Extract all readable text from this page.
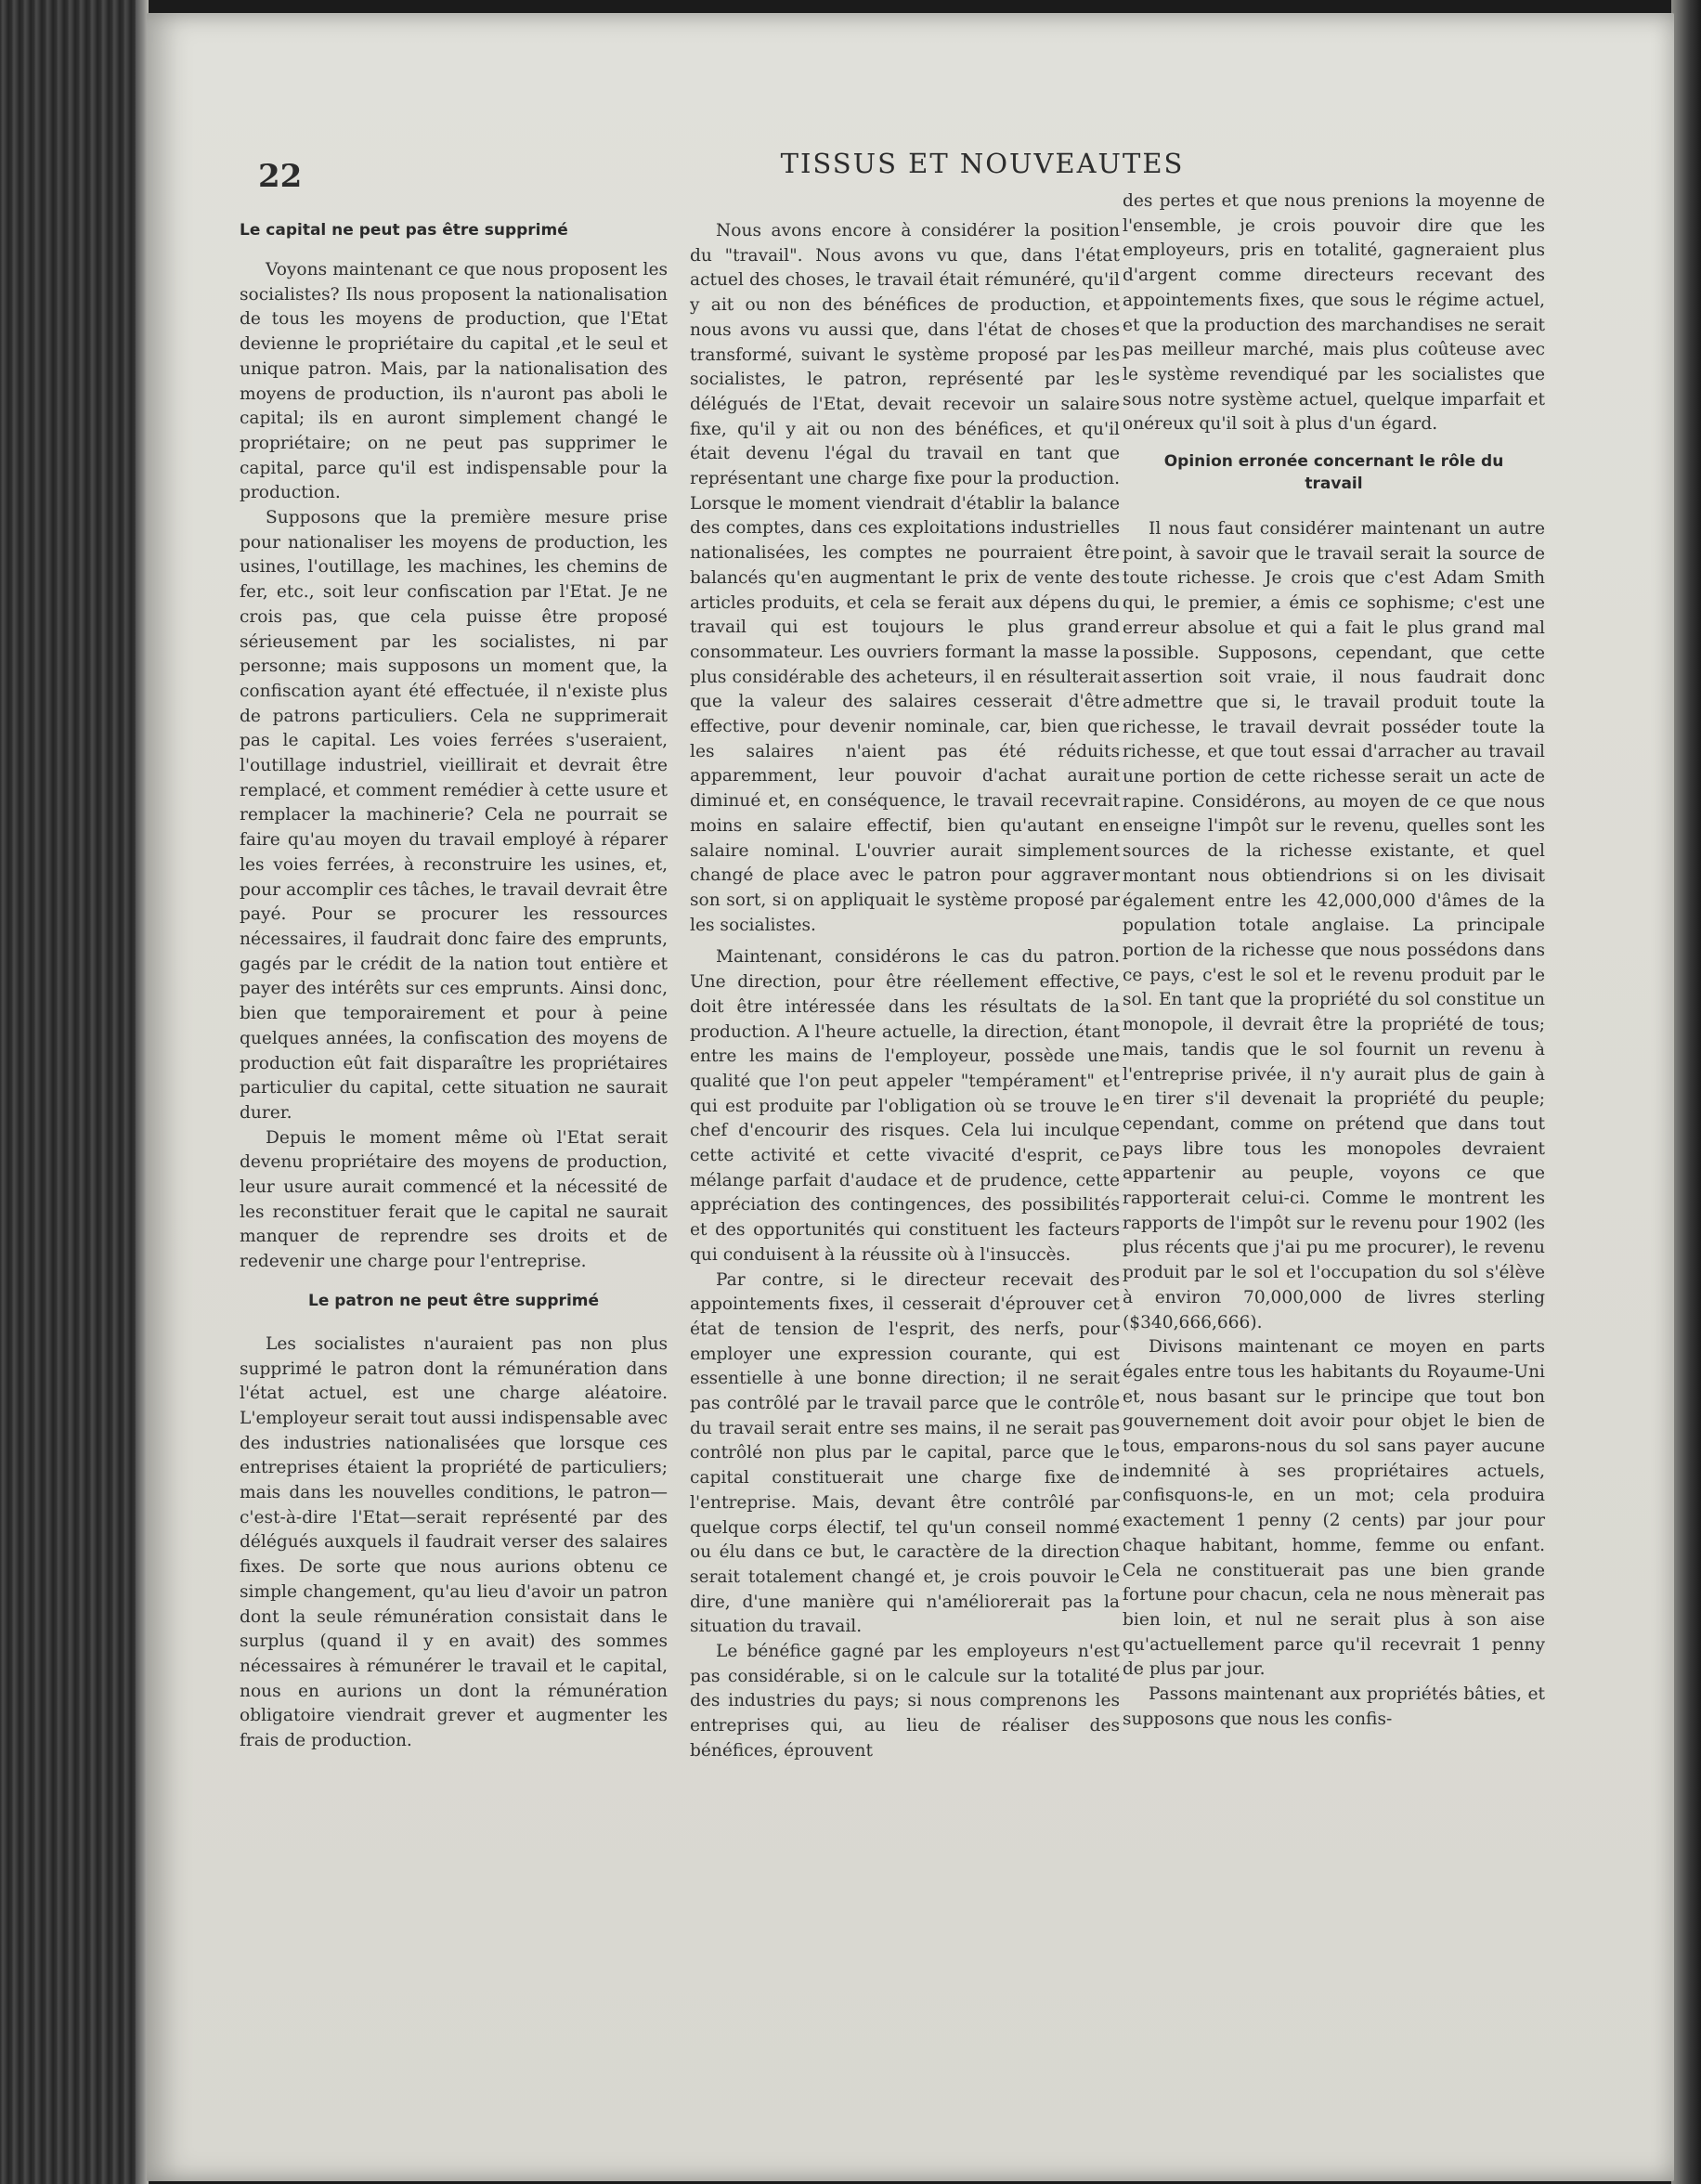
22	TISSUS ET NOUVEAUTES
Le capital ne peut pas être supprimé

Voyons maintenant ce que nous proposent les socialistes? Ils nous proposent la nationalisation de tous les moyens de production, que l'Etat devienne le propriétaire du capital ,et le seul et unique patron. Mais, par la nationalisation des moyens de production, ils n'auront pas aboli le capital; ils en auront simplement changé le propriétaire; on ne peut pas supprimer le capital, parce qu'il est indispensable pour la production.

Supposons que la première mesure prise pour nationaliser les moyens de production, les usines, l'outillage, les machines, les chemins de fer, etc., soit leur confiscation par l'Etat. Je ne crois pas, que cela puisse être proposé sérieusement par les socialistes, ni par personne; mais supposons un moment que, la confiscation ayant été effectuée, il n'existe plus de patrons particuliers. Cela ne supprimerait pas le capital. Les voies ferrées s'useraient, l'outillage industriel, vieillirait et devrait être remplacé, et comment remédier à cette usure et remplacer la machinerie? Cela ne pourrait se faire qu'au moyen du travail employé à réparer les voies ferrées, à reconstruire les usines, et, pour accomplir ces tâches, le travail devrait être payé. Pour se procurer les ressources nécessaires, il faudrait donc faire des emprunts, gagés par le crédit de la nation tout entière et payer des intérêts sur ces emprunts. Ainsi donc, bien que temporairement et pour à peine quelques années, la confiscation des moyens de production eût fait disparaître les propriétaires particulier du capital, cette situation ne saurait durer.

Depuis le moment même où l'Etat serait devenu propriétaire des moyens de production, leur usure aurait commencé et la nécessité de les reconstituer ferait que le capital ne saurait manquer de reprendre ses droits et de redevenir une charge pour l'entreprise.

Le patron ne peut être supprimé

Les socialistes n'auraient pas non plus supprimé le patron dont la rémunération dans l'état actuel, est une charge aléatoire. L'employeur serait tout aussi indispensable avec des industries nationalisées que lorsque ces entreprises étaient la propriété de particuliers; mais dans les nouvelles conditions, le patron—c'est-à-dire l'Etat—serait représenté par des délégués auxquels il faudrait verser des salaires fixes. De sorte que nous aurions obtenu ce simple changement, qu'au lieu d'avoir un patron dont la seule rémunération consistait dans le surplus (quand il y en avait) des sommes nécessaires à rémunérer le travail et le capital, nous en aurions un dont la rémunération obligatoire viendrait grever et augmenter les frais de production.

Nous avons encore à considérer la position du "travail". Nous avons vu que, dans l'état actuel des choses, le travail était rémunéré, qu'il y ait ou non des bénéfices de production, et nous avons vu aussi que, dans l'état de choses transformé, suivant le système proposé par les socialistes, le patron, représenté par les délégués de l'Etat, devait recevoir un salaire fixe, qu'il y ait ou non des bénéfices, et qu'il était devenu l'égal du travail en tant que représentant une charge fixe pour la production. Lorsque le moment viendrait d'établir la balance des comptes, dans ces exploitations industrielles nationalisées, les comptes ne pourraient être balancés qu'en augmentant le prix de vente des articles produits, et cela se ferait aux dépens du travail qui est toujours le plus grand consommateur. Les ouvriers formant la masse la plus considérable des acheteurs, il en résulterait que la valeur des salaires cesserait d'être effective, pour devenir nominale, car, bien que les salaires n'aient pas été réduits apparemment, leur pouvoir d'achat aurait diminué et, en conséquence, le travail recevrait moins en salaire effectif, bien qu'autant en salaire nominal. L'ouvrier aurait simplement changé de place avec le patron pour aggraver son sort, si on appliquait le système proposé par les socialistes.

Maintenant, considérons le cas du patron. Une direction, pour être réellement effective, doit être intéressée dans les résultats de la production. A l'heure actuelle, la direction, étant entre les mains de l'employeur, possède une qualité que l'on peut appeler "tempérament" et qui est produite par l'obligation où se trouve le chef d'encourir des risques. Cela lui inculque cette activité et cette vivacité d'esprit, ce mélange parfait d'audace et de prudence, cette appréciation des contingences, des possibilités et des opportunités qui constituent les facteurs qui conduisent à la réussite où à l'insuccès.

Par contre, si le directeur recevait des appointements fixes, il cesserait d'éprouver cet état de tension de l'esprit, des nerfs, pour employer une expression courante, qui est essentielle à une bonne direction; il ne serait pas contrôlé par le travail parce que le contrôle du travail serait entre ses mains, il ne serait pas contrôlé non plus par le capital, parce que le capital constituerait une charge fixe de l'entreprise. Mais, devant être contrôlé par quelque corps électif, tel qu'un conseil nommé ou élu dans ce but, le caractère de la direction serait totalement changé et, je crois pouvoir le dire, d'une manière qui n'améliorerait pas la situation du travail.

Le bénéfice gagné par les employeurs n'est pas considérable, si on le calcule sur la totalité des industries du pays; si nous comprenons les entreprises qui, au lieu de réaliser des bénéfices, éprouvent

des pertes et que nous prenions la moyenne de l'ensemble, je crois pouvoir dire que les employeurs, pris en totalité, gagneraient plus d'argent comme directeurs recevant des appointements fixes, que sous le régime actuel, et que la production des marchandises ne serait pas meilleur marché, mais plus coûteuse avec le système revendiqué par les socialistes que sous notre système actuel, quelque imparfait et onéreux qu'il soit à plus d'un égard.

Opinion erronée concernant le rôle du travail

Il nous faut considérer maintenant un autre point, à savoir que le travail serait la source de toute richesse. Je crois que c'est Adam Smith qui, le premier, a émis ce sophisme; c'est une erreur absolue et qui a fait le plus grand mal possible. Supposons, cependant, que cette assertion soit vraie, il nous faudrait donc admettre que si, le travail produit toute la richesse, le travail devrait posséder toute la richesse, et que tout essai d'arracher au travail une portion de cette richesse serait un acte de rapine. Considérons, au moyen de ce que nous enseigne l'impôt sur le revenu, quelles sont les sources de la richesse existante, et quel montant nous obtiendrions si on les divisait également entre les 42,000,000 d'âmes de la population totale anglaise. La principale portion de la richesse que nous possédons dans ce pays, c'est le sol et le revenu produit par le sol. En tant que la propriété du sol constitue un monopole, il devrait être la propriété de tous; mais, tandis que le sol fournit un revenu à l'entreprise privée, il n'y aurait plus de gain à en tirer s'il devenait la propriété du peuple; cependant, comme on prétend que dans tout pays libre tous les monopoles devraient appartenir au peuple, voyons ce que rapporterait celui-ci. Comme le montrent les rapports de l'impôt sur le revenu pour 1902 (les plus récents que j'ai pu me procurer), le revenu produit par le sol et l'occupation du sol s'élève à environ 70,000,000 de livres sterling ($340,666,666).

Divisons maintenant ce moyen en parts égales entre tous les habitants du Royaume-Uni et, nous basant sur le principe que tout bon gouvernement doit avoir pour objet le bien de tous, emparons-nous du sol sans payer aucune indemnité à ses propriétaires actuels, confisquons-le, en un mot; cela produira exactement 1 penny (2 cents) par jour pour chaque habitant, homme, femme ou enfant. Cela ne constituerait pas une bien grande fortune pour chacun, cela ne nous mènerait pas bien loin, et nul ne serait plus à son aise qu'actuellement parce qu'il recevrait 1 penny de plus par jour.

Passons maintenant aux propriétés bâties, et supposons que nous les confis-
